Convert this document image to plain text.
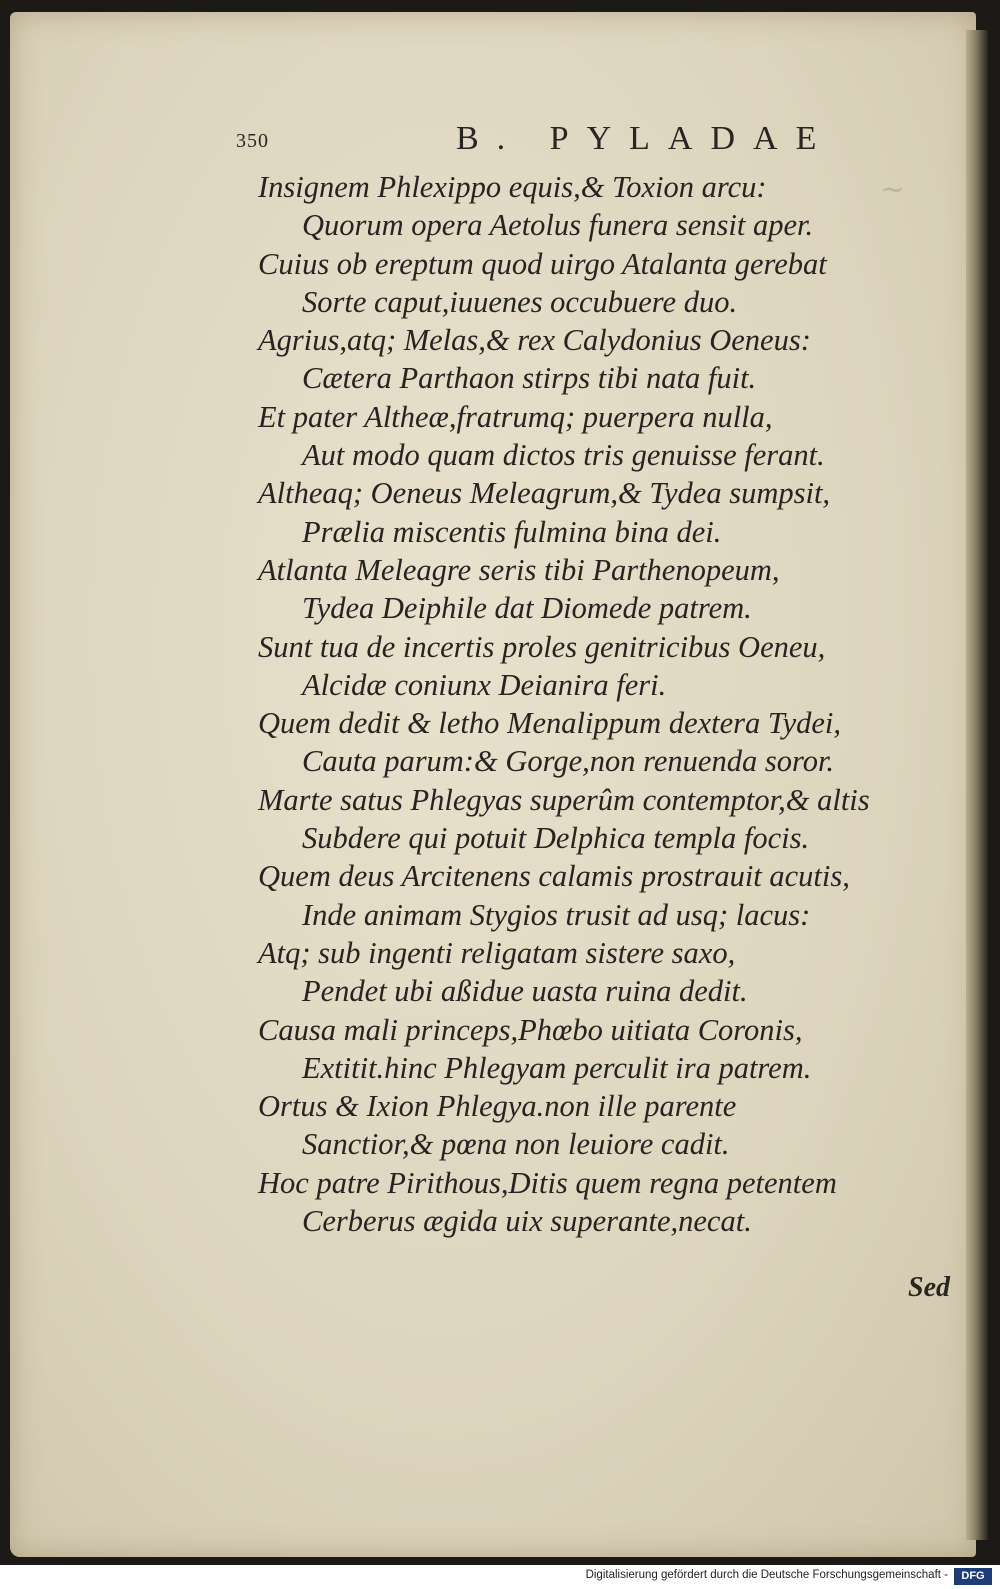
~
350	B. PYLADAE
Insignem Phlexippo equis,& Toxion arcu:
Quorum opera Aetolus funera sensit aper.
Cuius ob ereptum quod uirgo Atalanta gerebat
Sorte caput,iuuenes occubuere duo.
Agrius,atq; Melas,& rex Calydonius Oeneus:
Cætera Parthaon stirps tibi nata fuit.
Et pater Altheæ,fratrumq; puerpera nulla,
Aut modo quam dictos tris genuisse ferant.
Altheaq; Oeneus Meleagrum,& Tydea sumpsit,
Prælia miscentis fulmina bina dei.
Atlanta Meleagre seris tibi Parthenopeum,
Tydea Deiphile dat Diomede patrem.
Sunt tua de incertis proles genitricibus Oeneu,
Alcidæ coniunx Deianira feri.
Quem dedit & letho Menalippum dextera Tydei,
Cauta parum:& Gorge,non renuenda soror.
Marte satus Phlegyas superûm contemptor,& altis
Subdere qui potuit Delphica templa focis.
Quem deus Arcitenens calamis prostrauit acutis,
Inde animam Stygios trusit ad usq; lacus:
Atq; sub ingenti religatam sistere saxo,
Pendet ubi aßidue uasta ruina dedit.
Causa mali princeps,Phœbo uitiata Coronis,
Extitit.hinc Phlegyam perculit ira patrem.
Ortus & Ixion Phlegya.non ille parente
Sanctior,& pœna non leuiore cadit.
Hoc patre Pirithous,Ditis quem regna petentem
Cerberus ægida uix superante,necat.
Sed
Digitalisierung gefördert durch die Deutsche Forschungsgemeinschaft -	DFG
